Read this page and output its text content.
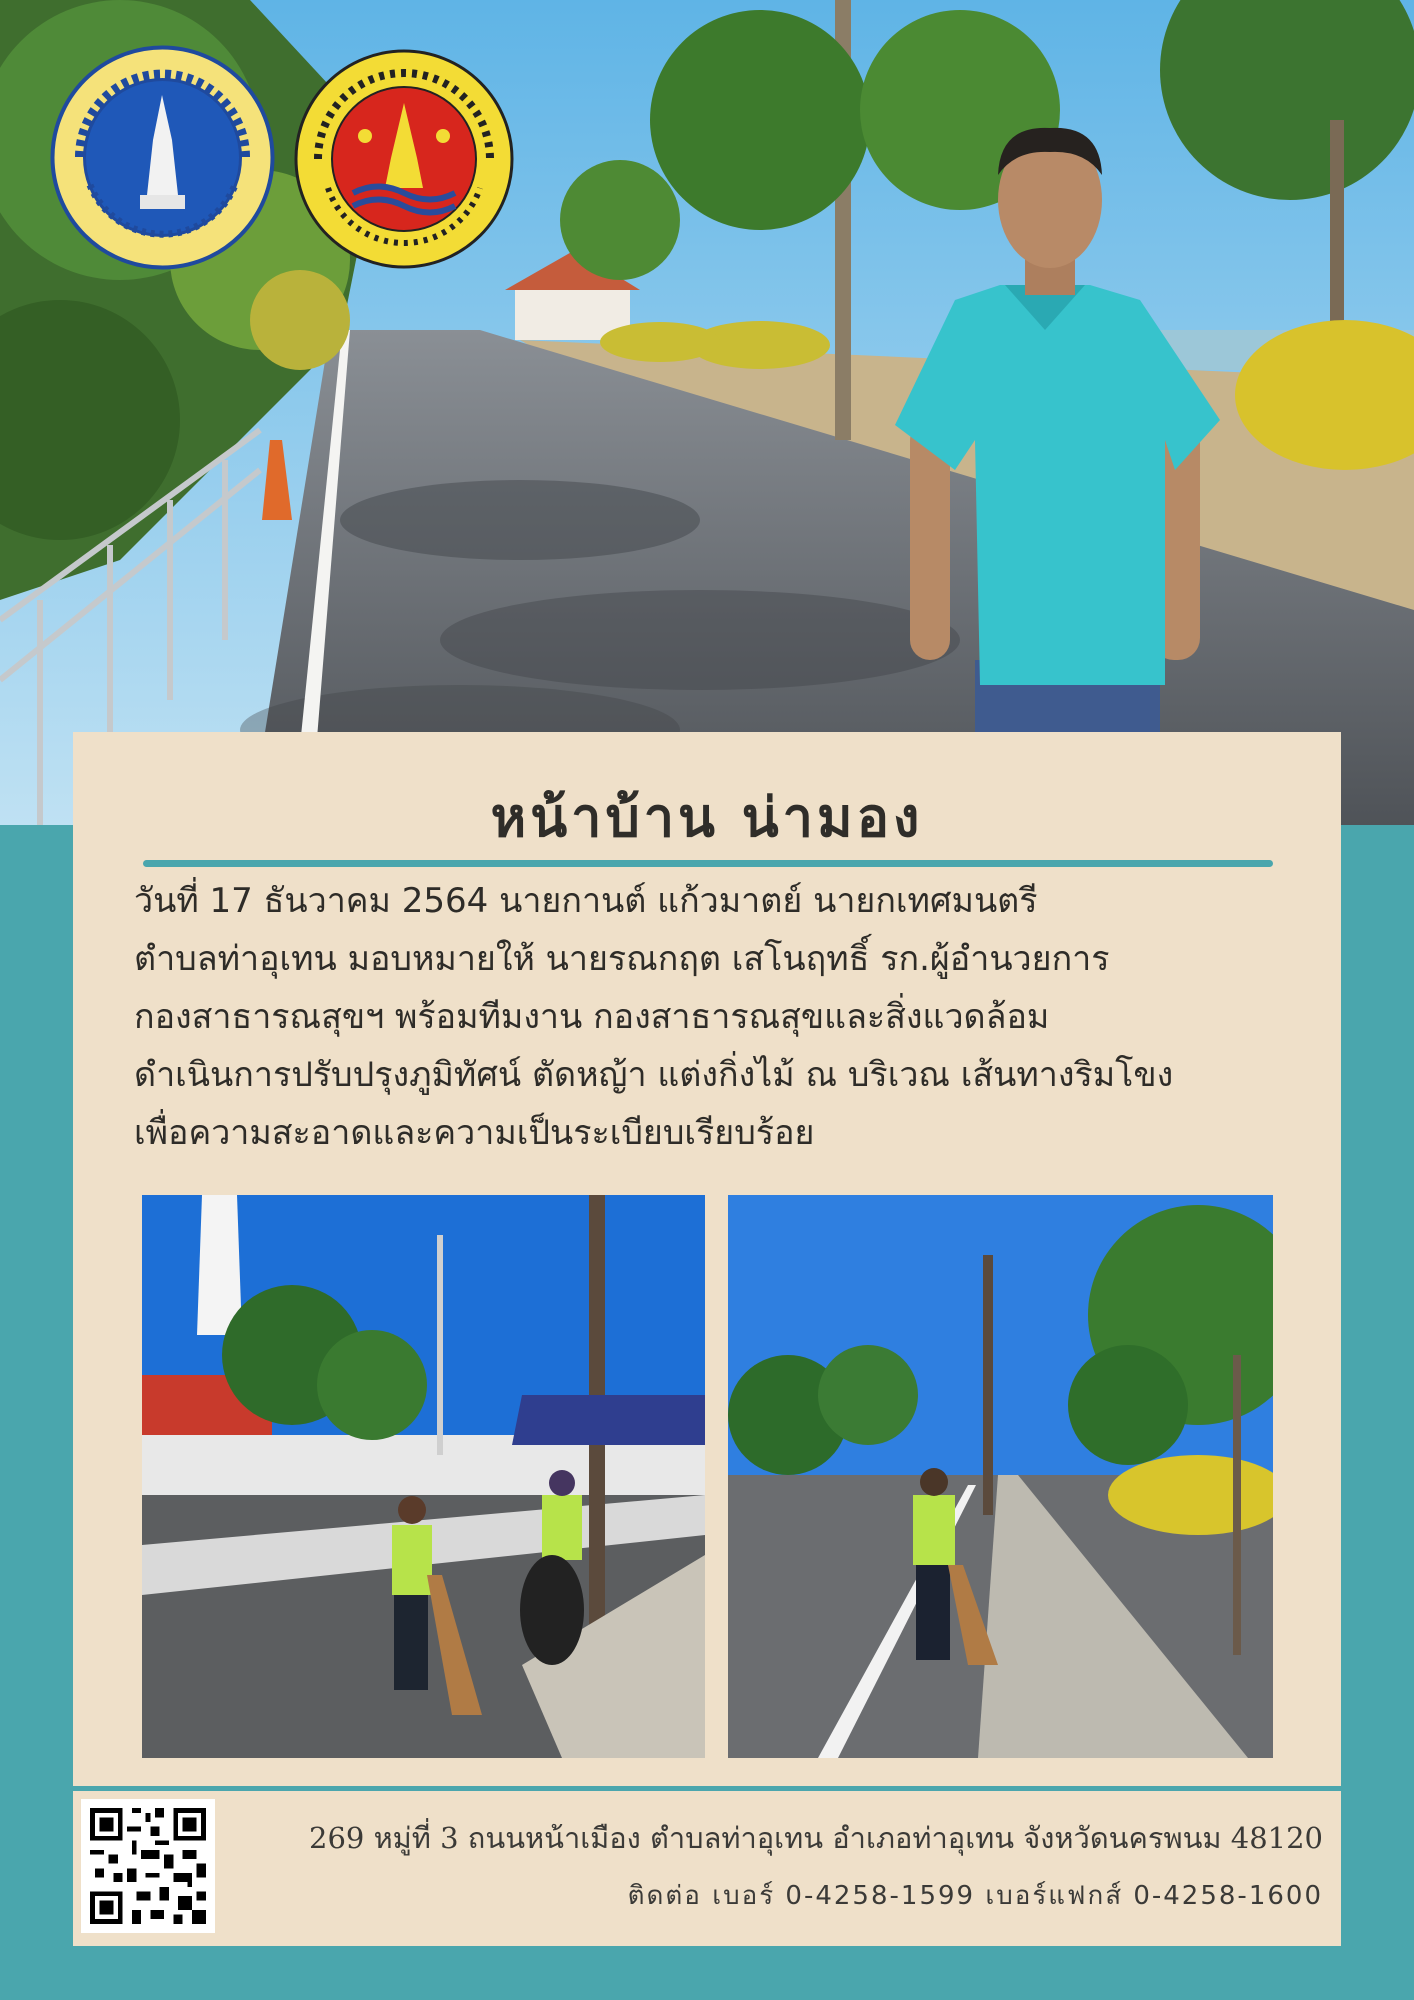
หน้าบ้าน น่ามอง

วันที่ 17 ธันวาคม 2564 นายกานต์ แก้วมาตย์ นายกเทศมนตรี
ตำบลท่าอุเทน มอบหมายให้ นายรณกฤต เสโนฤทธิ์ รก.ผู้อำนวยการ
กองสาธารณสุขฯ พร้อมทีมงาน กองสาธารณสุขและสิ่งแวดล้อม
ดำเนินการปรับปรุงภูมิทัศน์ ตัดหญ้า แต่งกิ่งไม้ ณ บริเวณ เส้นทางริมโขง
เพื่อความสะอาดและความเป็นระเบียบเรียบร้อย

269 หมู่ที่ 3 ถนนหน้าเมือง ตำบลท่าอุเทน อำเภอท่าอุเทน จังหวัดนครพนม 48120

ติดต่อ เบอร์ 0-4258-1599 เบอร์แฟกส์ 0-4258-1600
